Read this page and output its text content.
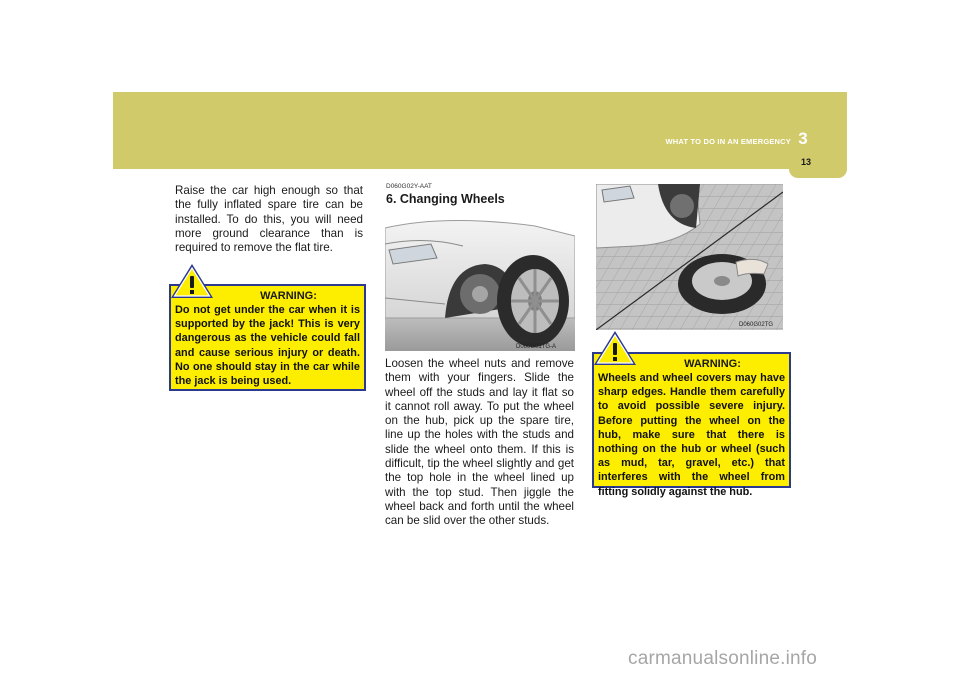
WHAT TO DO IN AN EMERGENCY 3
13

Raise the car high enough so that the fully inflated spare tire can be installed. To do this, you will need more ground clearance than is required to remove the flat tire.

WARNING:

Do not get under the car when it is supported by the jack! This is very dangerous as the vehicle could fall and cause serious injury or death. No one should stay in the car while the jack is being used.

D060G02Y-AAT
6. Changing Wheels
D060G01TG-A

Loosen the wheel nuts and remove them with your fingers. Slide the wheel off the studs and lay it flat so it cannot roll away. To put the wheel on the hub, pick up the spare tire, line up the holes with the studs and slide the wheel onto them. If this is difficult, tip the wheel slightly and get the top hole in the wheel lined up with the top stud. Then jiggle the wheel back and forth until the wheel can be slid over the other studs.

D060G02TG
WARNING:

Wheels and wheel covers may have sharp edges. Handle them carefully to avoid possible severe injury. Before putting the wheel on the hub, make sure that there is nothing on the hub or wheel (such as mud, tar, gravel, etc.) that interferes with the wheel from fitting solidly against the hub.

carmanualsonline.info
